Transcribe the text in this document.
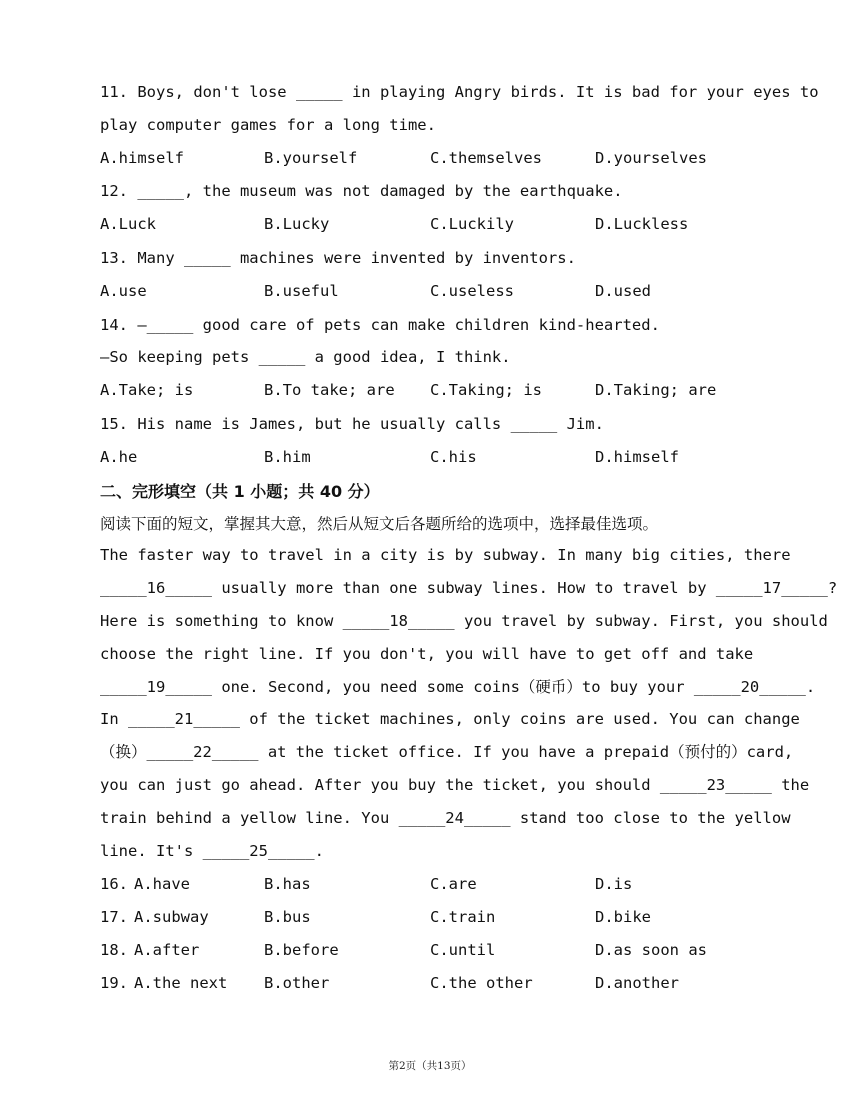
11. Boys, don't lose _____ in playing Angry birds. It is bad for your eyes to
play computer games for a long time.
A.himself	B.yourself	C.themselves	D.yourselves
12. _____, the museum was not damaged by the earthquake.
A.Luck	B.Lucky	C.Luckily	D.Luckless
13. Many _____ machines were invented by inventors.
A.use	B.useful	C.useless	D.used
14. —_____ good care of pets can make children kind-hearted.
—So keeping pets _____ a good idea, I think.
A.Take; is	B.To take; are C.Taking; is	D.Taking; are
15. His name is James, but he usually calls _____ Jim.
A.he	B.him	C.his	D.himself
二、完形填空（共 1 小题；共 40 分）
阅读下面的短文，掌握其大意，然后从短文后各题所给的选项中，选择最佳选项。
The faster way to travel in a city is by subway. In many big cities, there
_____16_____ usually more than one subway lines. How to travel by _____17_____?
Here is something to know _____18_____ you travel by subway. First, you should
choose the right line. If you don't, you will have to get off and take
_____19_____ one. Second, you need some coins（硬币）to buy your _____20_____.
In _____21_____ of the ticket machines, only coins are used. You can change
（换）_____22_____ at the ticket office. If you have a prepaid（预付的）card,
you can just go ahead. After you buy the ticket, you should _____23_____ the
train behind a yellow line. You _____24_____ stand too close to the yellow
line. It's _____25_____.
16. A.have	B.has	C.are	D.is
17. A.subway	B.bus	C.train	D.bike
18. A.after	B.before	C.until	D.as soon as
19. A.the next B.other	C.the other	D.another
第2页（共13页）
